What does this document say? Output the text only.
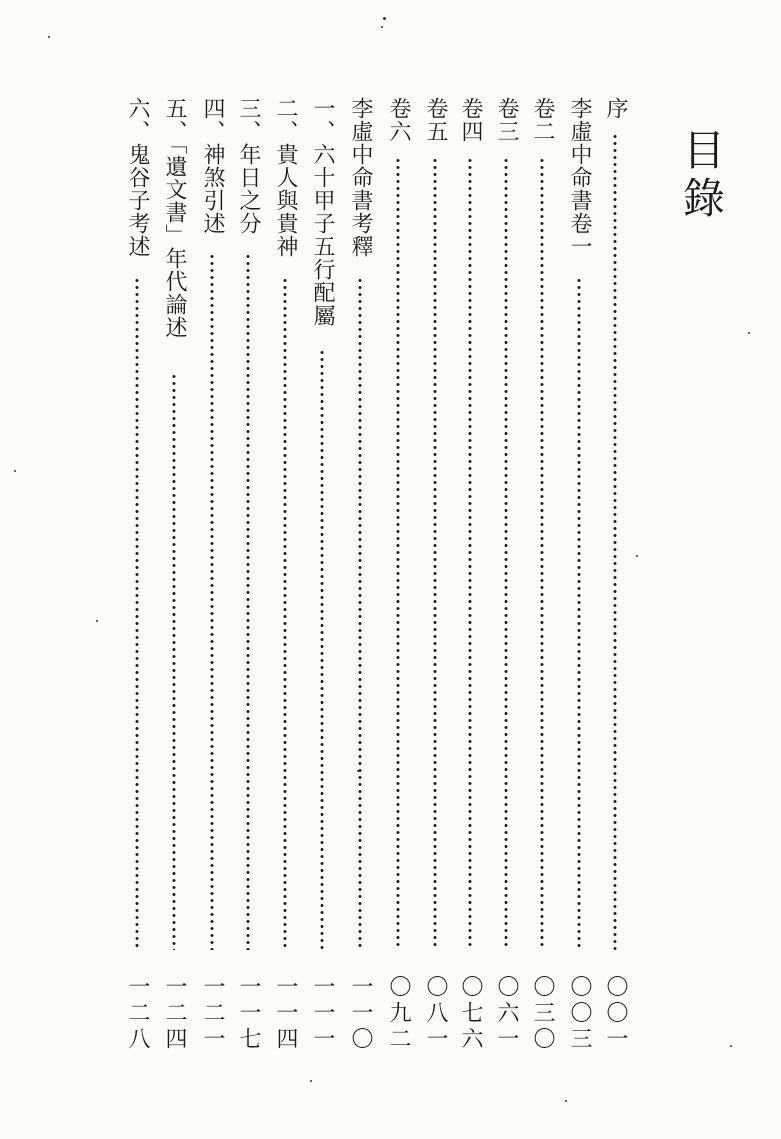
目錄
序
〇〇一
李虛中命書卷一
〇〇三
卷二
〇三〇
卷三
〇六一
卷四
〇七六
卷五
〇八一
卷六
〇九二
李虛中命書考釋
一一〇
一、六十甲子五行配屬
一一一
二、貴人與貴神
一一四
三、年日之分
一一七
四、神煞引述
一二一
五、「遺文書」年代論述
一二四
六、鬼谷子考述
一二八
